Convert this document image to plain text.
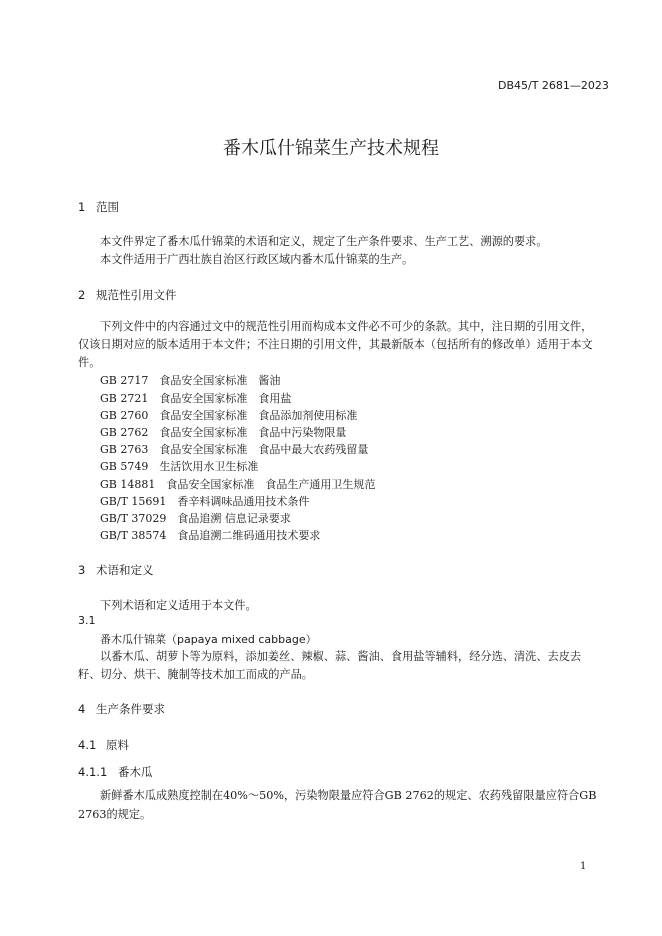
DB45/T 2681—2023
番木瓜什锦菜生产技术规程
1 范围
本文件界定了番木瓜什锦菜的术语和定义，规定了生产条件要求、生产工艺、溯源的要求。
本文件适用于广西壮族自治区行政区域内番木瓜什锦菜的生产。
2 规范性引用文件
下列文件中的内容通过文中的规范性引用而构成本文件必不可少的条款。其中，注日期的引用文件，仅该日期对应的版本适用于本文件；不注日期的引用文件，其最新版本（包括所有的修改单）适用于本文件。
GB 2717　食品安全国家标准　酱油
GB 2721　食品安全国家标准　食用盐
GB 2760　食品安全国家标准　食品添加剂使用标准
GB 2762　食品安全国家标准　食品中污染物限量
GB 2763　食品安全国家标准　食品中最大农药残留量
GB 5749　生活饮用水卫生标准
GB 14881　食品安全国家标准　食品生产通用卫生规范
GB/T 15691　香辛料调味品通用技术条件
GB/T 37029　食品追溯 信息记录要求
GB/T 38574　食品追溯二维码通用技术要求
3 术语和定义
下列术语和定义适用于本文件。
3.1
番木瓜什锦菜（papaya mixed cabbage）
以番木瓜、胡萝卜等为原料，添加姜丝、辣椒、蒜、酱油、食用盐等辅料，经分选、清洗、去皮去籽、切分、烘干、腌制等技术加工而成的产品。
4 生产条件要求
4.1 原料
4.1.1 番木瓜
新鲜番木瓜成熟度控制在40%～50%，污染物限量应符合GB 2762的规定、农药残留限量应符合GB 2763的规定。
1
